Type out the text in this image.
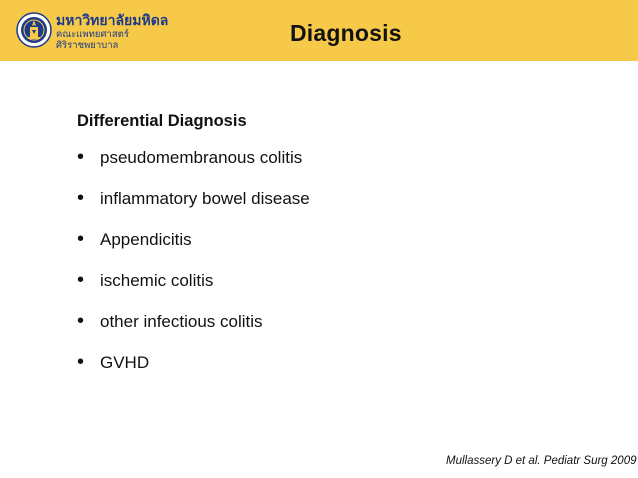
มหาวิทยาลัยมหิดล
คณะแพทยศาสตร์
ศิริราชพยาบาล	Diagnosis
Differential Diagnosis
• pseudomembranous colitis
• inflammatory bowel disease
• Appendicitis
• ischemic colitis
• other infectious colitis
• GVHD
Mullassery D et al. Pediatr Surg 2009
